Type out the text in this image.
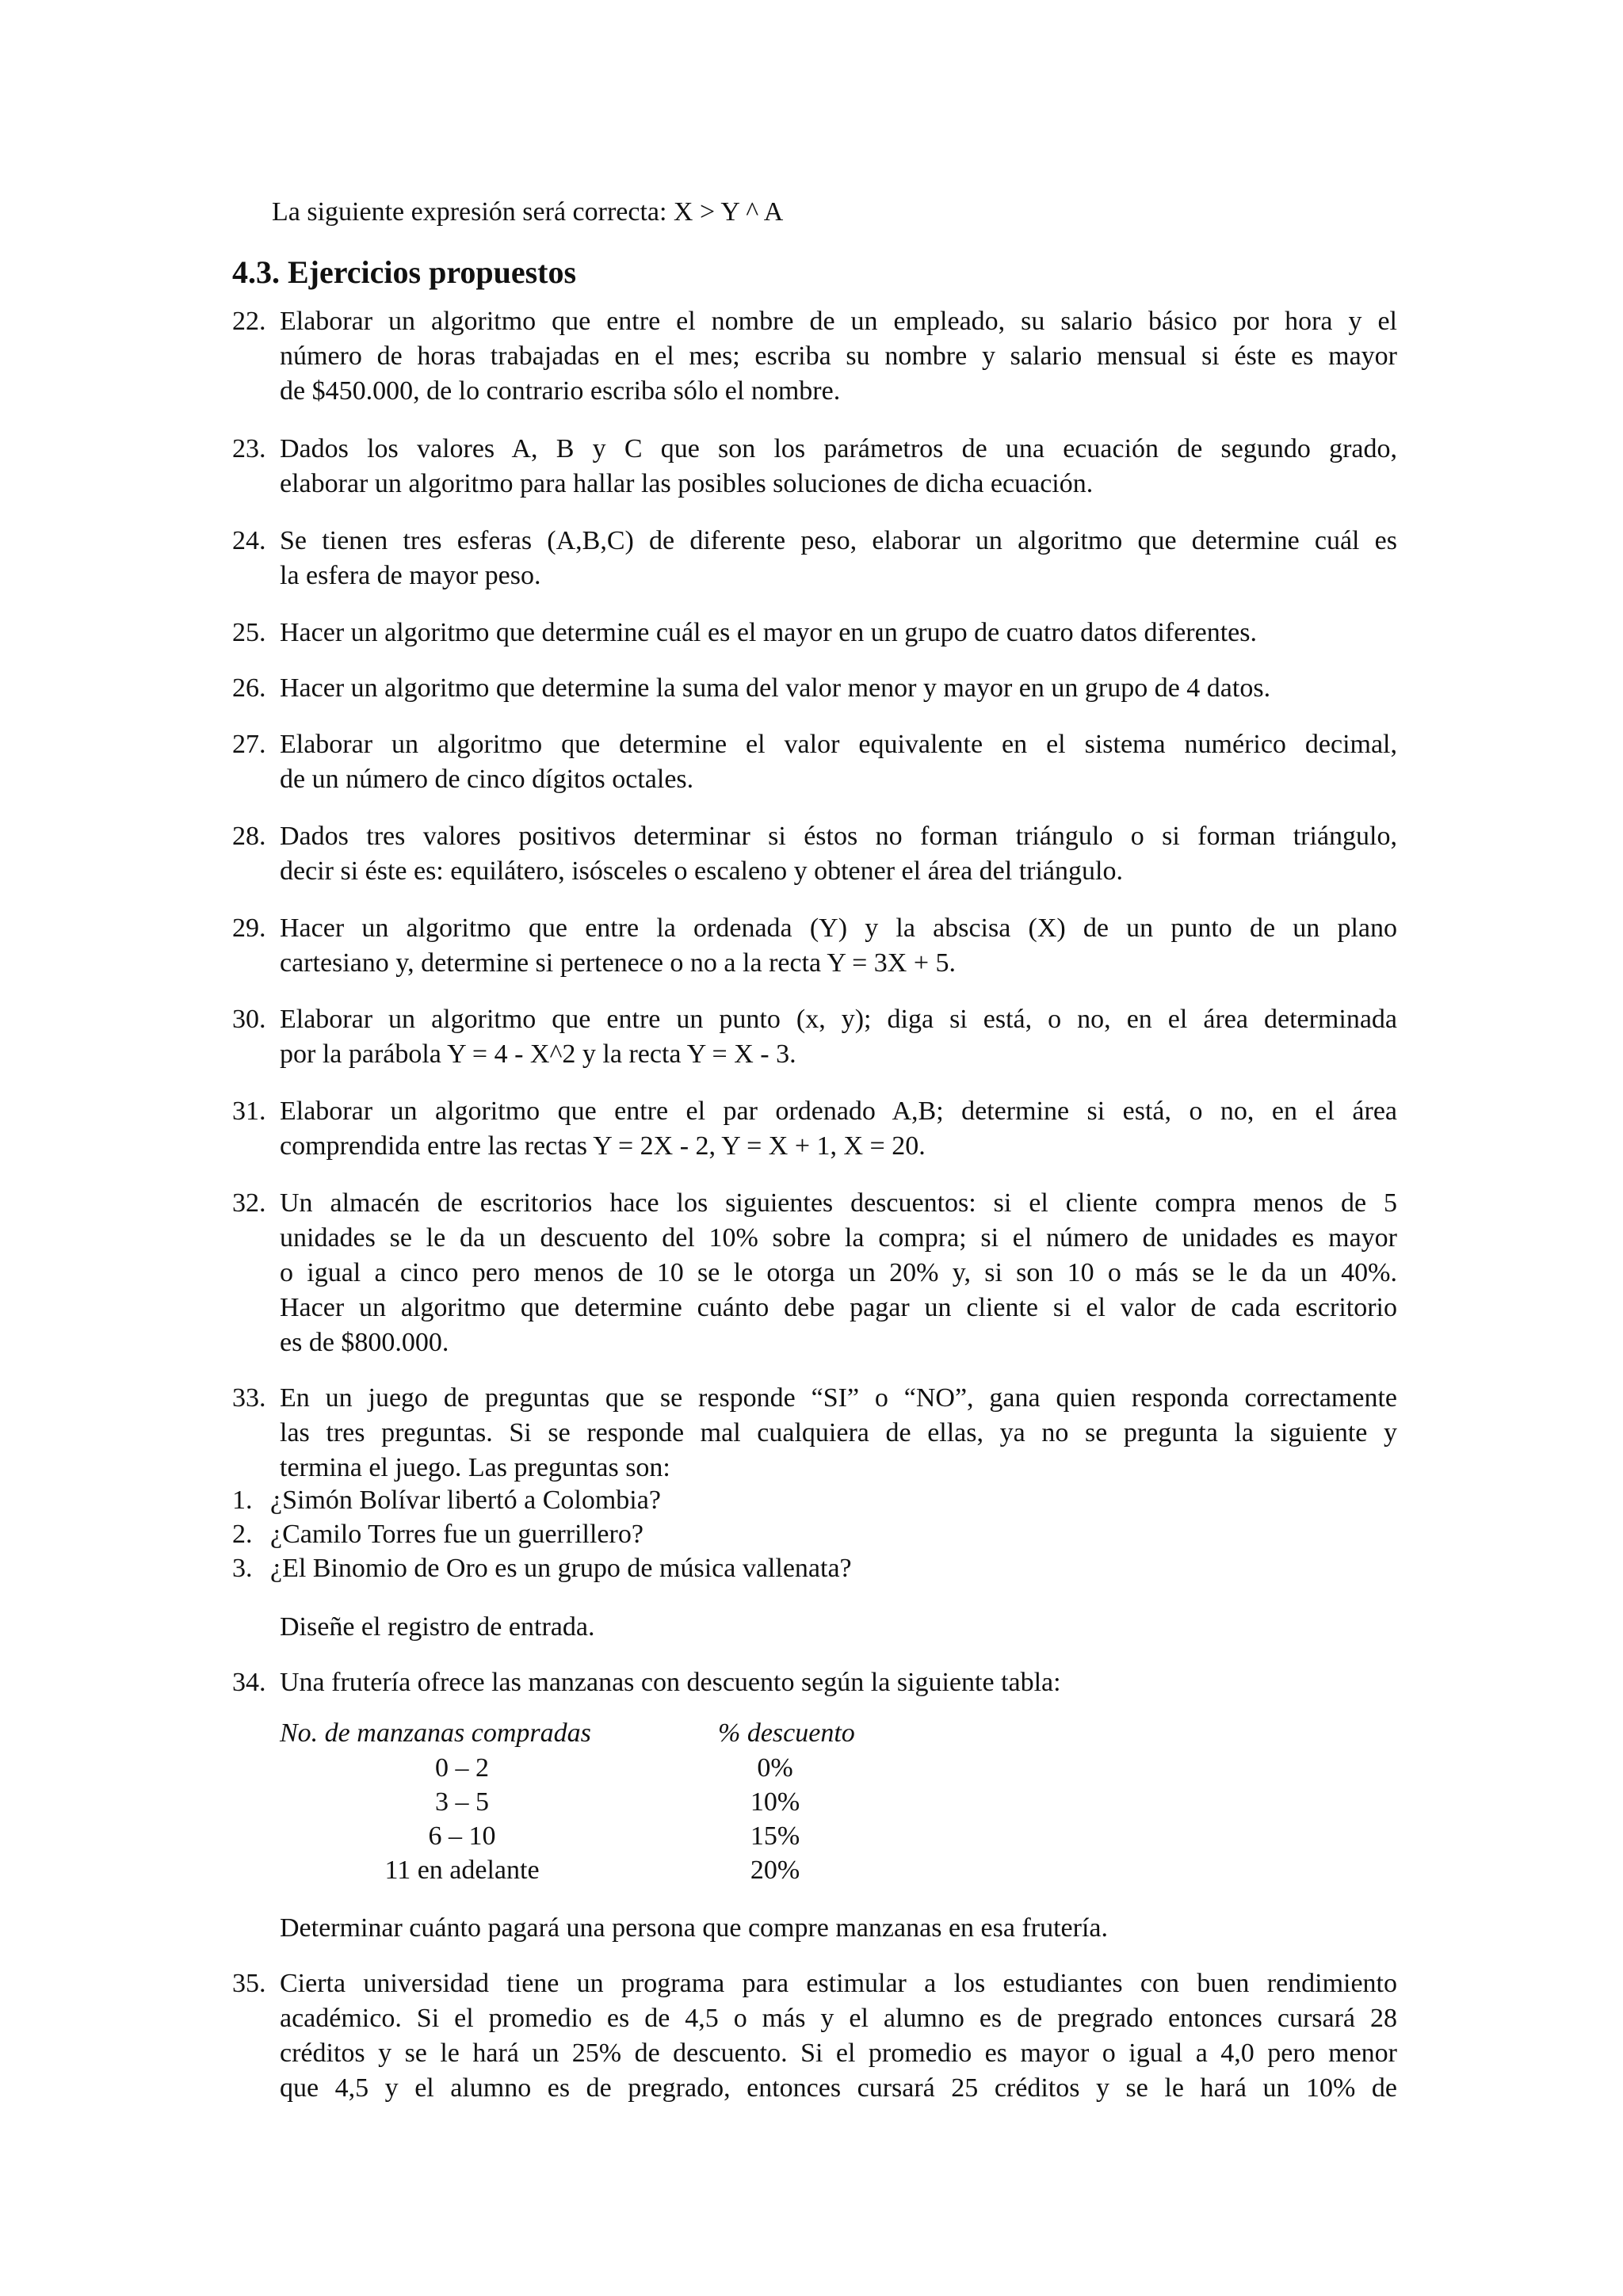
La siguiente expresión será correcta: X > Y ^ A
4.3. Ejercicios propuestos
22. Elaborar un algoritmo que entre el nombre de un empleado, su salario básico por hora y el
número de horas trabajadas en el mes; escriba su nombre y salario mensual si éste es mayor
de $450.000, de lo contrario escriba sólo el nombre.
23. Dados los valores A, B y C que son los parámetros de una ecuación de segundo grado,
elaborar un algoritmo para hallar las posibles soluciones de dicha ecuación.
24. Se tienen tres esferas (A,B,C) de diferente peso, elaborar un algoritmo que determine cuál es
la esfera de mayor peso.
25. Hacer un algoritmo que determine cuál es el mayor en un grupo de cuatro datos diferentes.
26. Hacer un algoritmo que determine la suma del valor menor y mayor en un grupo de 4 datos.
27. Elaborar un algoritmo que determine el valor equivalente en el sistema numérico decimal,
de un número de cinco dígitos octales.
28. Dados tres valores positivos determinar si éstos no forman triángulo o si forman triángulo,
decir si éste es: equilátero, isósceles o escaleno y obtener el área del triángulo.
29. Hacer un algoritmo que entre la ordenada (Y) y la abscisa (X) de un punto de un plano
cartesiano y, determine si pertenece o no a la recta Y = 3X + 5.
30. Elaborar un algoritmo que entre un punto (x, y); diga si está, o no, en el área determinada
por la parábola Y = 4 - X^2 y la recta Y = X - 3.
31. Elaborar un algoritmo que entre el par ordenado A,B; determine si está, o no, en el área
comprendida entre las rectas Y = 2X - 2, Y = X + 1, X = 20.
32. Un almacén de escritorios hace los siguientes descuentos: si el cliente compra menos de 5
unidades se le da un descuento del 10% sobre la compra; si el número de unidades es mayor
o igual a cinco pero menos de 10 se le otorga un 20% y, si son 10 o más se le da un 40%.
Hacer un algoritmo que determine cuánto debe pagar un cliente si el valor de cada escritorio
es de $800.000.
33. En un juego de preguntas que se responde “SI” o “NO”, gana quien responda correctamente
las tres preguntas. Si se responde mal cualquiera de ellas, ya no se pregunta la siguiente y
termina el juego. Las preguntas son:
1. ¿Simón Bolívar libertó a Colombia?
2. ¿Camilo Torres fue un guerrillero?
3. ¿El Binomio de Oro es un grupo de música vallenata?
Diseñe el registro de entrada.
34. Una frutería ofrece las manzanas con descuento según la siguiente tabla:
No. de manzanas compradas	% descuento
0 – 2	0%
3 – 5	10%
6 – 10	15%
11 en adelante	20%
Determinar cuánto pagará una persona que compre manzanas en esa frutería.
35. Cierta universidad tiene un programa para estimular a los estudiantes con buen rendimiento
académico. Si el promedio es de 4,5 o más y el alumno es de pregrado entonces cursará 28
créditos y se le hará un 25% de descuento. Si el promedio es mayor o igual a 4,0 pero menor
que 4,5 y el alumno es de pregrado, entonces cursará 25 créditos y se le hará un 10% de
